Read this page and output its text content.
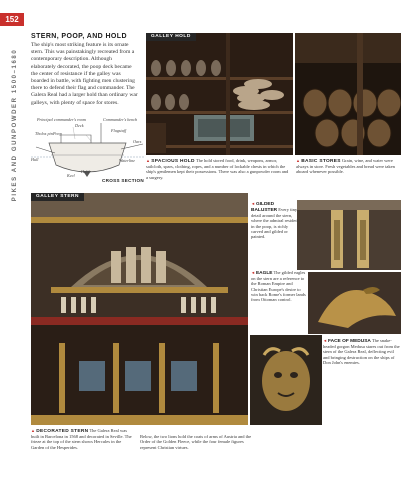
152
PIKES AND GUNPOWDER 1500–1680
STERN, POOP, AND HOLD
The ship's most striking feature is its ornate stern. This was painstakingly recreated from a contemporary description. Although elaborately decorated, the poop deck became the center of resistance if the galley was boarded in battle, with fighting men clustering there to defend their flag and commander. The Galera Real had a larger hold than ordinary war galleys, with plenty of space for stores.
Principal commander's room	Commander's bench
Deck
Poop
Tholos pin
Flagstaff
Hull
Hold
Keel
Oars
Waterline
CROSS SECTION
GALLEY HOLD
▲SPACIOUS HOLD The hold stored food, drink, weapons, armor, sailcloth, spars, clothing, ropes, and a number of lockable chests in which the ship's gentlemen kept their possessions. There was also a gunpowder room and a surgery.
▲BASIC STORES Grain, wine, and water were always in store. Fresh vegetables and bread were taken aboard whenever possible.
GALLEY STERN
◄GILDED BALUSTER Every tiny detail around the stern, where the admiral resided in the poop, is richly carved and gilded or painted.
◄EAGLE The gilded eagles on the stern are a reference to the Roman Empire and Christian Europe's desire to win back Rome's former lands from Ottoman control.
◄FACE OF MEDUSA The snake-headed gorgon Medusa stares out from the stern of the Galera Real, deflecting evil and bringing destruction on the ships of Don John's enemies.
▲DECORATED STERN The Galera Real was built in Barcelona in 1568 and decorated in Seville. The frieze at the top of the stern shows Hercules in the Garden of the Hesperides.
Below, the two lions hold the coats of arms of Austria and the Order of the Golden Fleece, while the four female figures represent Christian virtues.
